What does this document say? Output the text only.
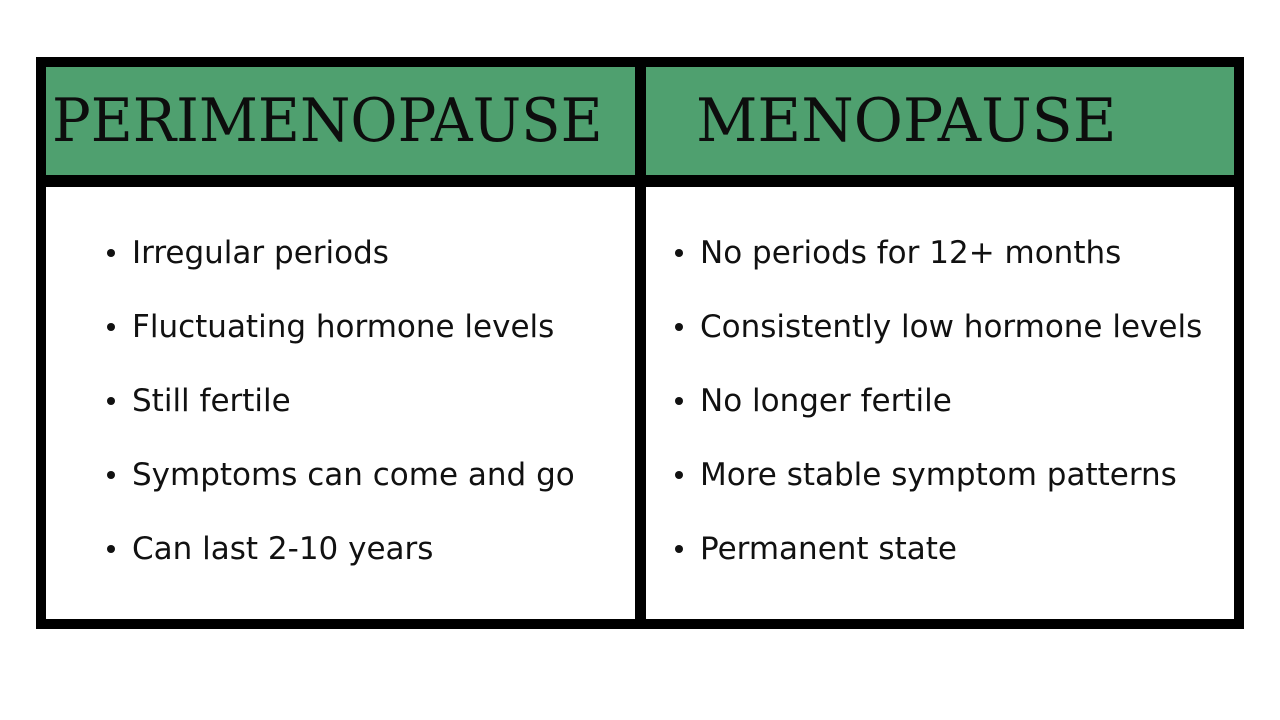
PERIMENOPAUSE MENOPAUSE
Irregular periods
Fluctuating hormone levels
Still fertile
Symptoms can come and go
Can last 2-10 years
No periods for 12+ months
Consistently low hormone levels
No longer fertile
More stable symptom patterns
Permanent state
